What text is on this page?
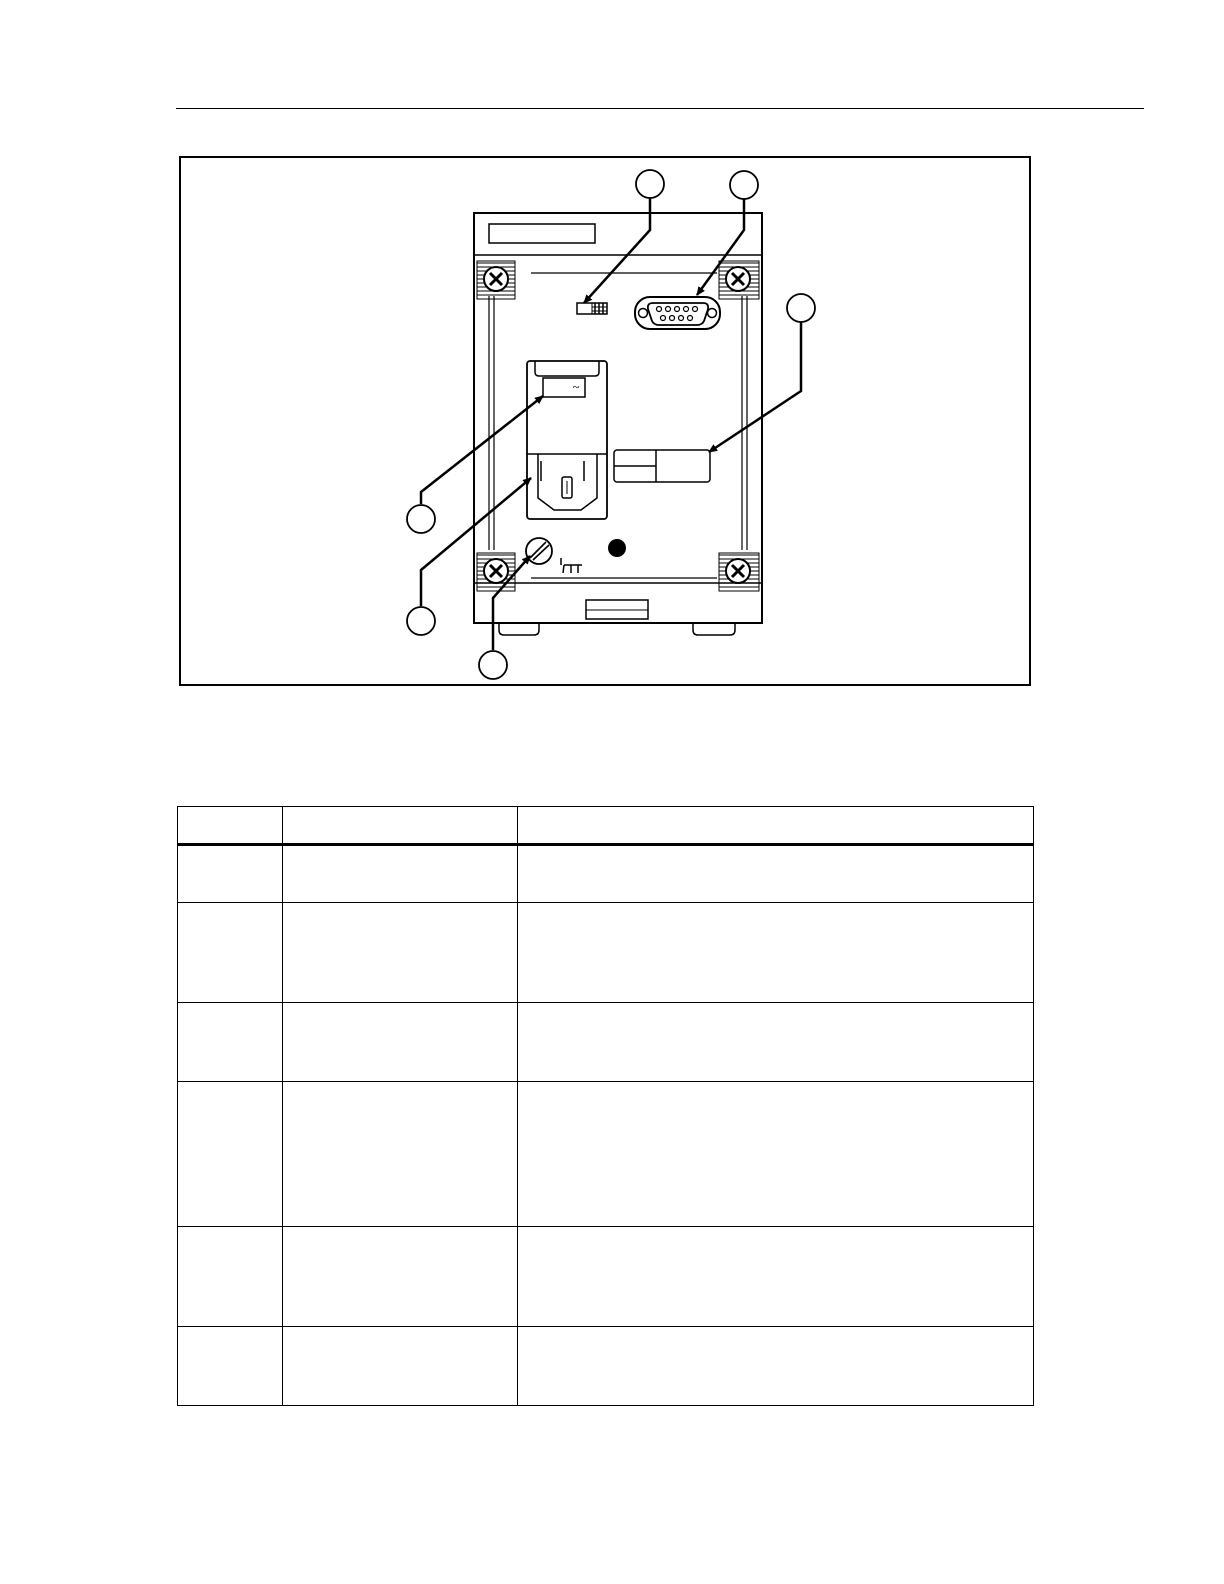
~
